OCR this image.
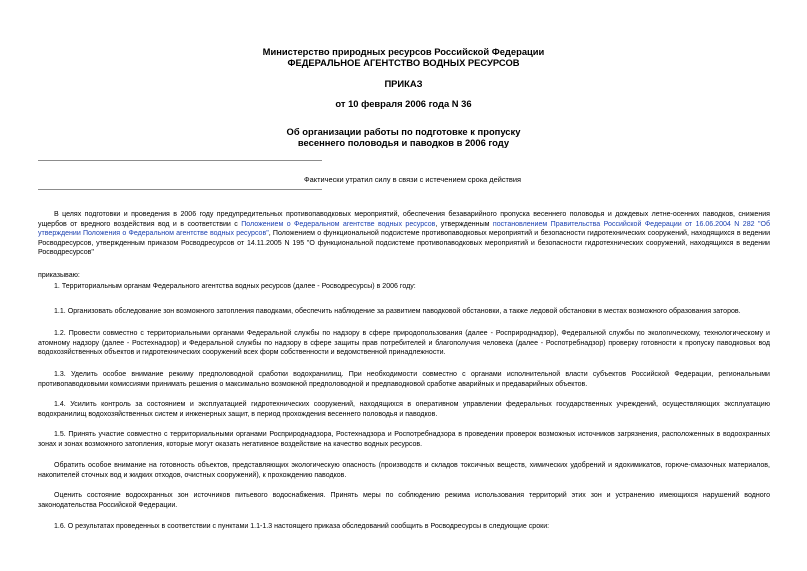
Министерство природных ресурсов Российской Федерации
ФЕДЕРАЛЬНОЕ АГЕНТСТВО ВОДНЫХ РЕСУРСОВ
ПРИКАЗ
от 10 февраля 2006 года N 36
Об организации работы по подготовке к пропуску
весеннего половодья и паводков в 2006 году
Фактически утратил силу в связи с истечением срока действия
В целях подготовки и проведения в 2006 году предупредительных противопаводковых мероприятий, обеспечения безаварийного пропуска весеннего половодья и дождевых летне-осенних паводков, снижения ущербов от вредного воздействия вод и в соответствии с Положением о Федеральном агентстве водных ресурсов, утвержденным постановлением Правительства Российской Федерации от 16.06.2004 N 282 "Об утверждении Положения о Федеральном агентстве водных ресурсов", Положением о функциональной подсистеме противопаводковых мероприятий и безопасности гидротехнических сооружений, находящихся в ведении Росводресурсов, утвержденным приказом Росводресурсов от 14.11.2005 N 195 "О функциональной подсистеме противопаводковых мероприятий и безопасности гидротехнических сооружений, находящихся в ведении Росводресурсов"
приказываю:
1. Территориальным органам Федерального агентства водных ресурсов (далее - Росводресурсы) в 2006 году:
1.1. Организовать обследование зон возможного затопления паводками, обеспечить наблюдение за развитием паводковой обстановки, а также ледовой обстановки в местах возможного образования заторов.
1.2. Провести совместно с территориальными органами Федеральной службы по надзору в сфере природопользования (далее - Росприроднадзор), Федеральной службы по экологическому, технологическому и атомному надзору (далее - Ростехнадзор) и Федеральной службы по надзору в сфере защиты прав потребителей и благополучия человека (далее - Роспотребнадзор) проверку готовности к пропуску паводковых вод водохозяйственных объектов и гидротехнических сооружений всех форм собственности и ведомственной принадлежности.
1.3. Уделить особое внимание режиму предполоводной сработки водохранилищ. При необходимости совместно с органами исполнительной власти субъектов Российской Федерации, региональными противопаводковыми комиссиями принимать решения о максимально возможной предполоводной и предпаводковой сработке аварийных и предаварийных объектов.
1.4. Усилить контроль за состоянием и эксплуатацией гидротехнических сооружений, находящихся в оперативном управлении федеральных государственных учреждений, осуществляющих эксплуатацию водохранилищ водохозяйственных систем и инженерных защит, в период прохождения весеннего половодья и паводков.
1.5. Принять участие совместно с территориальными органами Росприроднадзора, Ростехнадзора и Роспотребнадзора в проведении проверок возможных источников загрязнения, расположенных в водоохранных зонах и зонах возможного затопления, которые могут оказать негативное воздействие на качество водных ресурсов.
Обратить особое внимание на готовность объектов, представляющих экологическую опасность (производств и складов токсичных веществ, химических удобрений и ядохимикатов, горюче-смазочных материалов, накопителей сточных вод и жидких отходов, очистных сооружений), к прохождению паводков.
Оценить состояние водоохранных зон источников питьевого водоснабжения. Принять меры по соблюдению режима использования территорий этих зон и устранению имеющихся нарушений водного законодательства Российской Федерации.
1.6. О результатах проведенных в соответствии с пунктами 1.1-1.3 настоящего приказа обследований сообщить в Росводресурсы в следующие сроки:
